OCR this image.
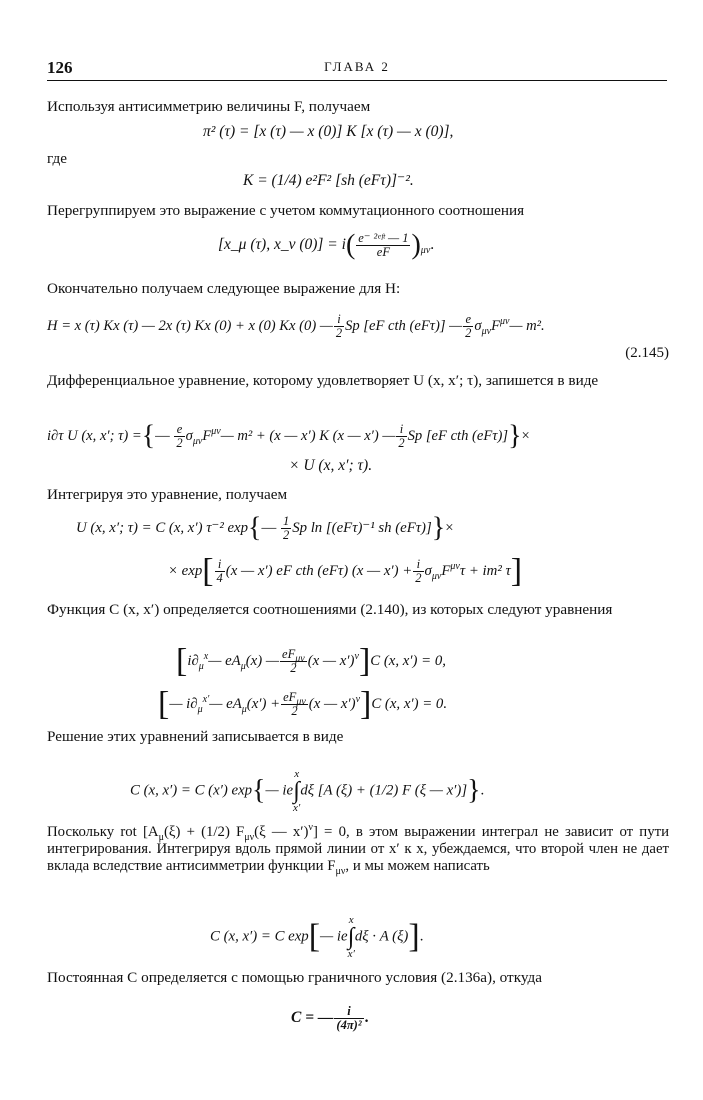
126	ГЛАВА 2
Используя антисимметрию величины F, получаем
π² (τ) = [x (τ) — x (0)] K [x (τ) — x (0)],
где
K = (1/4) e²F² [sh (eFτ)]⁻².
Перегруппируем это выражение с учетом коммутационного соотношения
[x_μ (τ), x_ν (0)] = i( e⁻ ²ᵉᶠᵗ — 1
eF )$_{\mu\nu}$.
Окончательно получаем следующее выражение для H:
H = x (τ) Kx (τ) — 2x (τ) Kx (0) + x (0) Kx (0) — $\frac{i}{2}$ Sp [eF cth (eFτ)] — $\frac{e}{2}$ $\sigma_{\mu\nu}F^{\mu\nu}—$ m².
(2.145)
Дифференциальное уравнение, которому удовлетворяет U (x, x′; τ), запишется в виде
i∂τ U (x, x′; τ) ={— $\frac{e}{2}$ $\sigma_{\mu\nu}F^{\mu\nu}—$ m² + (x — x′) K (x — x′) — $\frac{i}{2}$ Sp [eF cth (eFτ)]}×
× U (x, x′; τ).
Интегрируя это уравнение, получаем
U (x, x′; τ) = C (x, x′) τ⁻² exp{— $\frac{1}{2}$ Sp ln [(eFτ)⁻¹ sh (eFτ)]}×
× $\exp[ \frac{i}{4} (x$ — x′) eF cth (eFτ) (x — $x') + \frac{i}{2} \sigma_{\mu\nu}F^{\mu\nu}\tau + im^2$ τ]
Функция C (x, x′) определяется соотношениями (2.140), из которых следуют уравнения
[$i\partial_\mu^x—$ $eA_\mu(x)$ — $eF_{\mu\nu}$
2 (x — x′)$^\nu$]C (x, x′) = 0,
[— $i\partial_\mu^{x'}—$ $eA_\mu(x') + eF_{\mu\nu}$
2 (x — x′)$^\nu$]C (x, x′) = 0.
Решение этих уравнений записывается в виде
C (x, x′) = C (x′) exp{— ie
x
∫
x′
dξ [A (ξ) + (1/2) F (ξ — x′)]}.
Поскольку rot [$A_\mu(\xi) + (1/2)$ $F_{\mu\nu}(\xi$ — x′)$^\nu$] = 0, в этом выражении интеграл не зависит от пути интегрирования. Интегрируя вдоль прямой линии от x′ к x, убеждаемся, что второй член не дает вклада вследствие антисимметрии функции $F_{\mu\nu}$, и мы можем написать
C (x, x′) = C exp[— ie
x
∫
x′
dξ · A (ξ)].
Постоянная C определяется с помощью граничного условия (2.136a), откуда
C = — $\frac{i}{\text{(4π)²}}$ .
